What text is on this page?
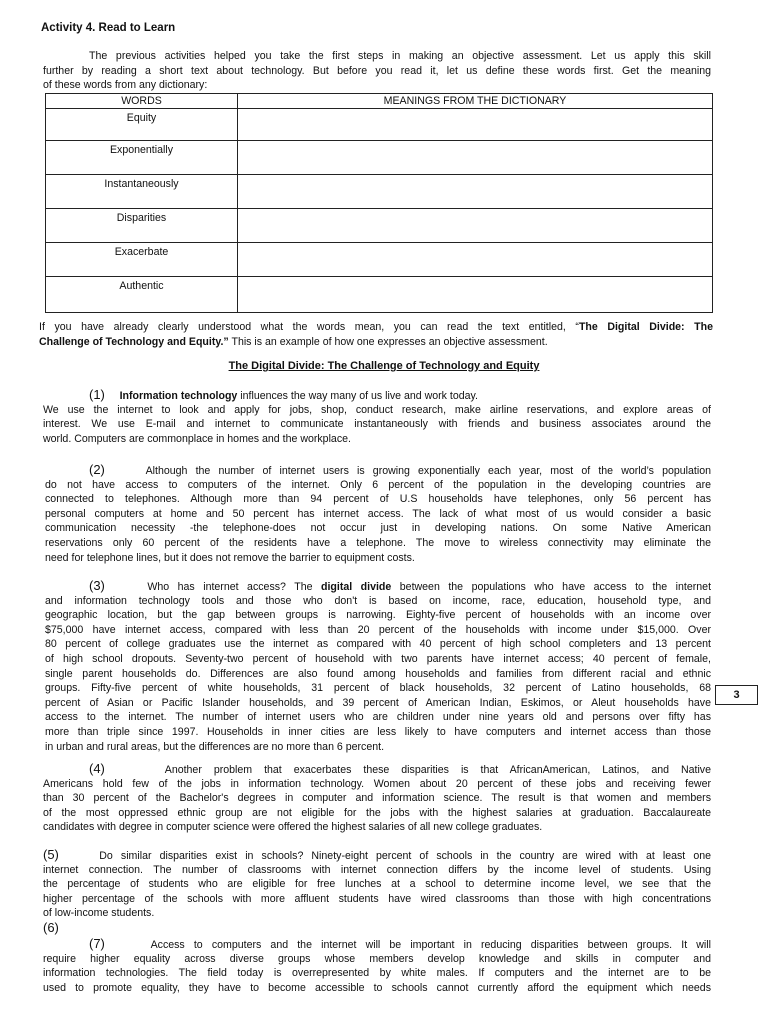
Activity 4. Read to Learn
The previous activities helped you take the first steps in making an objective assessment. Let us apply this skill
further by reading a short text about technology. But before you read it, let us define these words first. Get the meaning
of these words from any dictionary:
WORDS	MEANINGS FROM THE DICTIONARY
Equity	
Exponentially	
Instantaneously	
Disparities	
Exacerbate	
Authentic	
If you have already clearly understood what the words mean, you can read the text entitled, “The Digital Divide: The
Challenge of Technology and Equity.” This is an example of how one expresses an objective assessment.
The Digital Divide: The Challenge of Technology and Equity
(1) Information technology influences the way many of us live and work today.
We use the internet to look and apply for jobs, shop, conduct research, make airline reservations, and explore areas of
interest. We use E-mail and internet to communicate instantaneously with friends and business associates around the
world. Computers are commonplace in homes and the workplace.
(2)	Although the number of internet users is growing exponentially each year, most of the world’s population
do not have access to computers of the internet. Only 6 percent of the population in the developing countries are
connected to telephones. Although more than 94 percent of U.S households have telephones, only 56 percent has
personal computers at home and 50 percent has internet access. The lack of what most of us would consider a basic
communication necessity -the telephone-does not occur just in developing nations. On some Native American
reservations only 60 percent of the residents have a telephone. The move to wireless connectivity may eliminate the
need for telephone lines, but it does not remove the barrier to equipment costs.
(3)	Who has internet access? The digital divide between the populations who have access to the internet
and information technology tools and those who don't is based on income, race, education, household type, and
geographic location, but the gap between groups is narrowing. Eighty-five percent of households with an income over
$75,000 have internet access, compared with less than 20 percent of the households with income under $15,000. Over
80 percent of college graduates use the internet as compared with 40 percent of high school completers and 13 percent
of high school dropouts. Seventy-two percent of household with two parents have internet access; 40 percent of female,
single parent households do. Differences are also found among households and families from different racial and ethnic
groups. Fifty-five percent of white households, 31 percent of black households, 32 percent of Latino households, 68
percent of Asian or Pacific Islander households, and 39 percent of American Indian, Eskimos, or Aleut households have
access to the internet. The number of internet users who are children under nine years old and persons over fifty has
more than triple since 1997. Households in inner cities are less likely to have computers and internet access than those
in urban and rural areas, but the differences are no more than 6 percent.
3
(4)	Another problem that exacerbates these disparities is that AfricanAmerican, Latinos, and Native
Americans hold few of the jobs in information technology. Women about 20 percent of these jobs and receiving fewer
than 30 percent of the Bachelor's degrees in computer and information science. The result is that women and members
of the most oppressed ethnic group are not eligible for the jobs with the highest salaries at graduation. Baccalaureate
candidates with degree in computer science were offered the highest salaries of all new college graduates.
(5)	Do similar disparities exist in schools? Ninety-eight percent of schools in the country are wired with at least one
internet connection. The number of classrooms with internet connection differs by the income level of students. Using
the percentage of students who are eligible for free lunches at a school to determine income level, we see that the
higher percentage of the schools with more affluent students have wired classrooms than those with high concentrations
of low-income students.
(6)
(7)	Access to computers and the internet will be important in reducing disparities between groups. It will
require higher equality across diverse groups whose members develop knowledge and skills in computer and
information technologies. The field today is overrepresented by white males. If computers and the internet are to be
used to promote equality, they have to become accessible to schools cannot currently afford the equipment which needs
